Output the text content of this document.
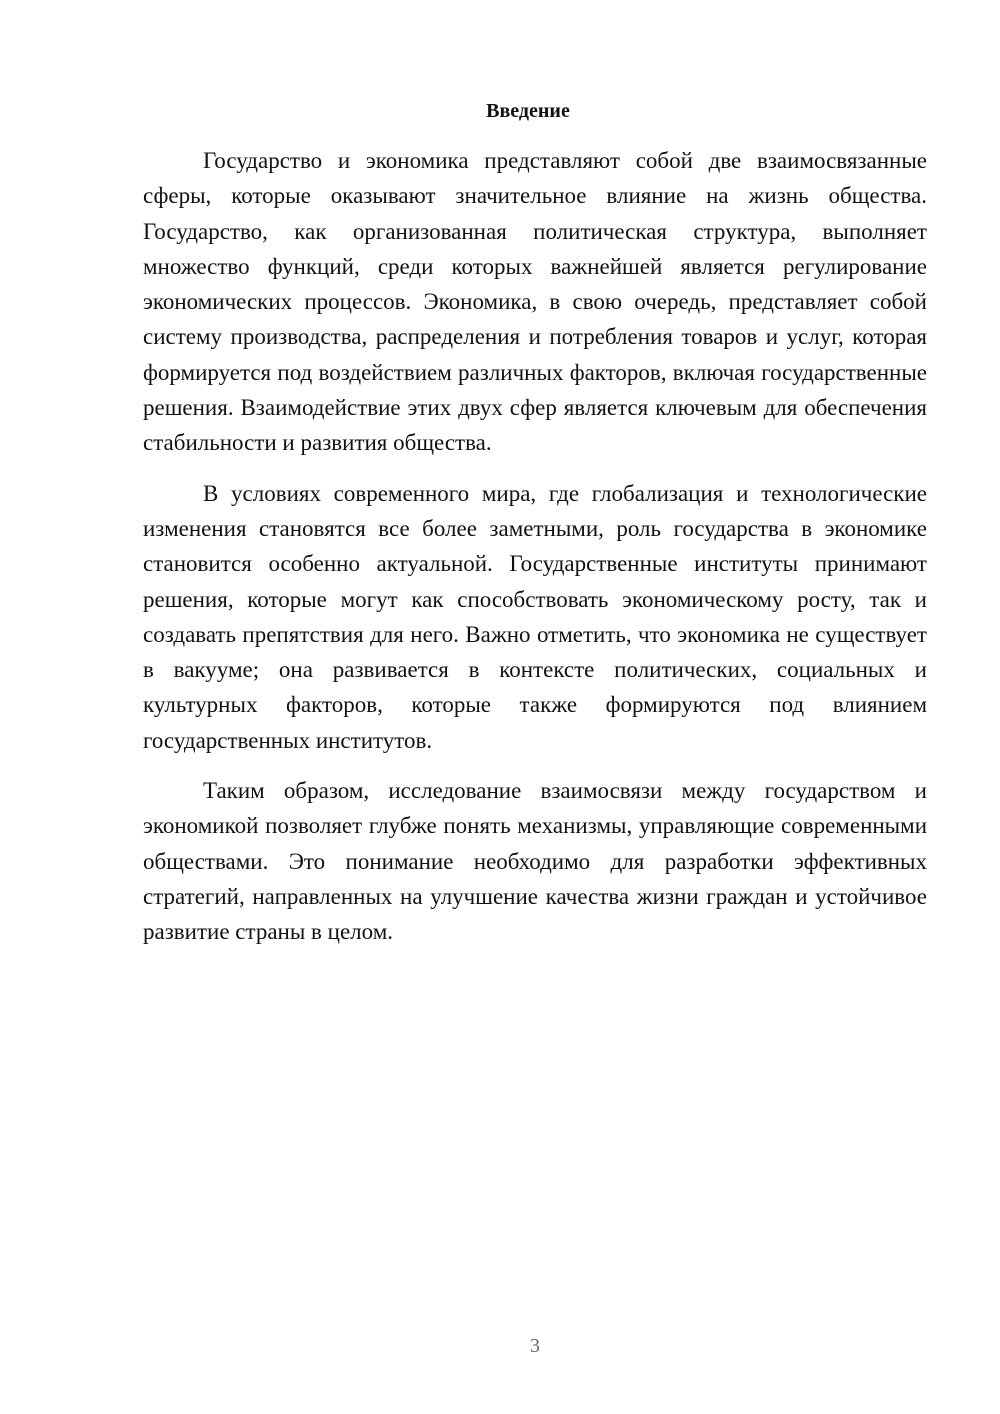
Введение

Государство и экономика представляют собой две взаимосвязанные сферы, которые оказывают значительное влияние на жизнь общества. Государство, как организованная политическая структура, выполняет множество функций, среди которых важнейшей является регулирование экономических процессов. Экономика, в свою очередь, представляет собой систему производства, распределения и потребления товаров и услуг, которая формируется под воздействием различных факторов, включая государственные решения. Взаимодействие этих двух сфер является ключевым для обеспечения стабильности и развития общества.

В условиях современного мира, где глобализация и технологические изменения становятся все более заметными, роль государства в экономике становится особенно актуальной. Государственные институты принимают решения, которые могут как способствовать экономическому росту, так и создавать препятствия для него. Важно отметить, что экономика не существует в вакууме; она развивается в контексте политических, социальных и культурных факторов, которые также формируются под влиянием государственных институтов.

Таким образом, исследование взаимосвязи между государством и экономикой позволяет глубже понять механизмы, управляющие современными обществами. Это понимание необходимо для разработки эффективных стратегий, направленных на улучшение качества жизни граждан и устойчивое развитие страны в целом.

3
